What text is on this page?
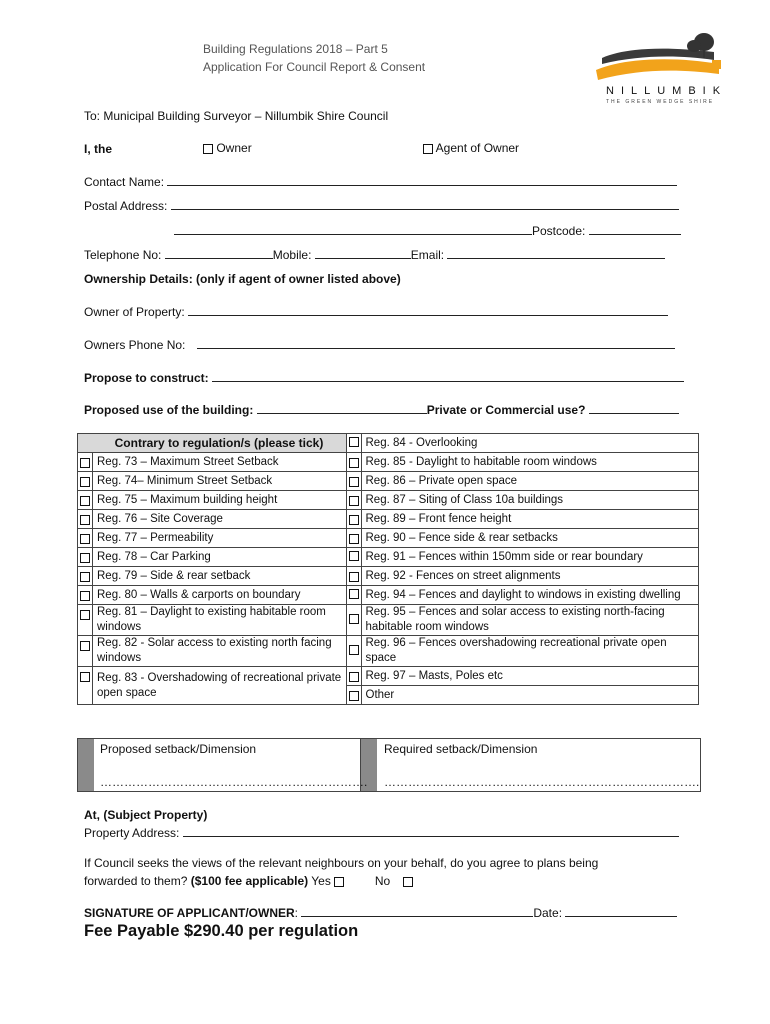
Building Regulations 2018 – Part 5
Application For Council Report & Consent
NILLUMBIK
THE GREEN WEDGE SHIRE
To: Municipal Building Surveyor – Nillumbik Shire Council
I, the	Owner	Agent of Owner
Contact Name:
Postal Address:
Postcode:
Telephone No:	Mobile:	Email:
Ownership Details: (only if agent of owner listed above)
Owner of Property:
Owners Phone No:
Propose to construct:
Proposed use of the building:	Private or Commercial use?
	Contrary to regulation/s (please tick)		Reg. 84 - Overlooking
	Reg. 73 – Maximum Street Setback		Reg. 85 - Daylight to habitable room windows
	Reg. 74– Minimum Street Setback		Reg. 86 – Private open space
	Reg. 75 – Maximum building height		Reg. 87 – Siting of Class 10a buildings
	Reg. 76 – Site Coverage		Reg. 89 – Front fence height
	Reg. 77 – Permeability		Reg. 90 – Fence side & rear setbacks
	Reg. 78 – Car Parking		Reg. 91 – Fences within 150mm side or rear boundary
	Reg. 79 – Side & rear setback		Reg. 92 - Fences on street alignments
	Reg. 80 – Walls & carports on boundary		Reg. 94 – Fences and daylight to windows in existing dwelling
	Reg. 81 – Daylight to existing habitable room windows		Reg. 95 – Fences and solar access to existing north-facing habitable room windows
	Reg. 82 - Solar access to existing north facing windows		Reg. 96 – Fences overshadowing recreational private open space
	Reg. 83 - Overshadowing of recreational private open space		Reg. 97 – Masts, Poles etc
			Other
Proposed setback/Dimension
………………………………………………………….
Required setback/Dimension
…………………………………………………………………….
At, (Subject Property)
Property Address:
If Council seeks the views of the relevant neighbours on your behalf, do you agree to plans being
forwarded to them? ($100 fee applicable) Yes	No
SIGNATURE OF APPLICANT/OWNER:	Date:
Fee Payable $290.40 per regulation
